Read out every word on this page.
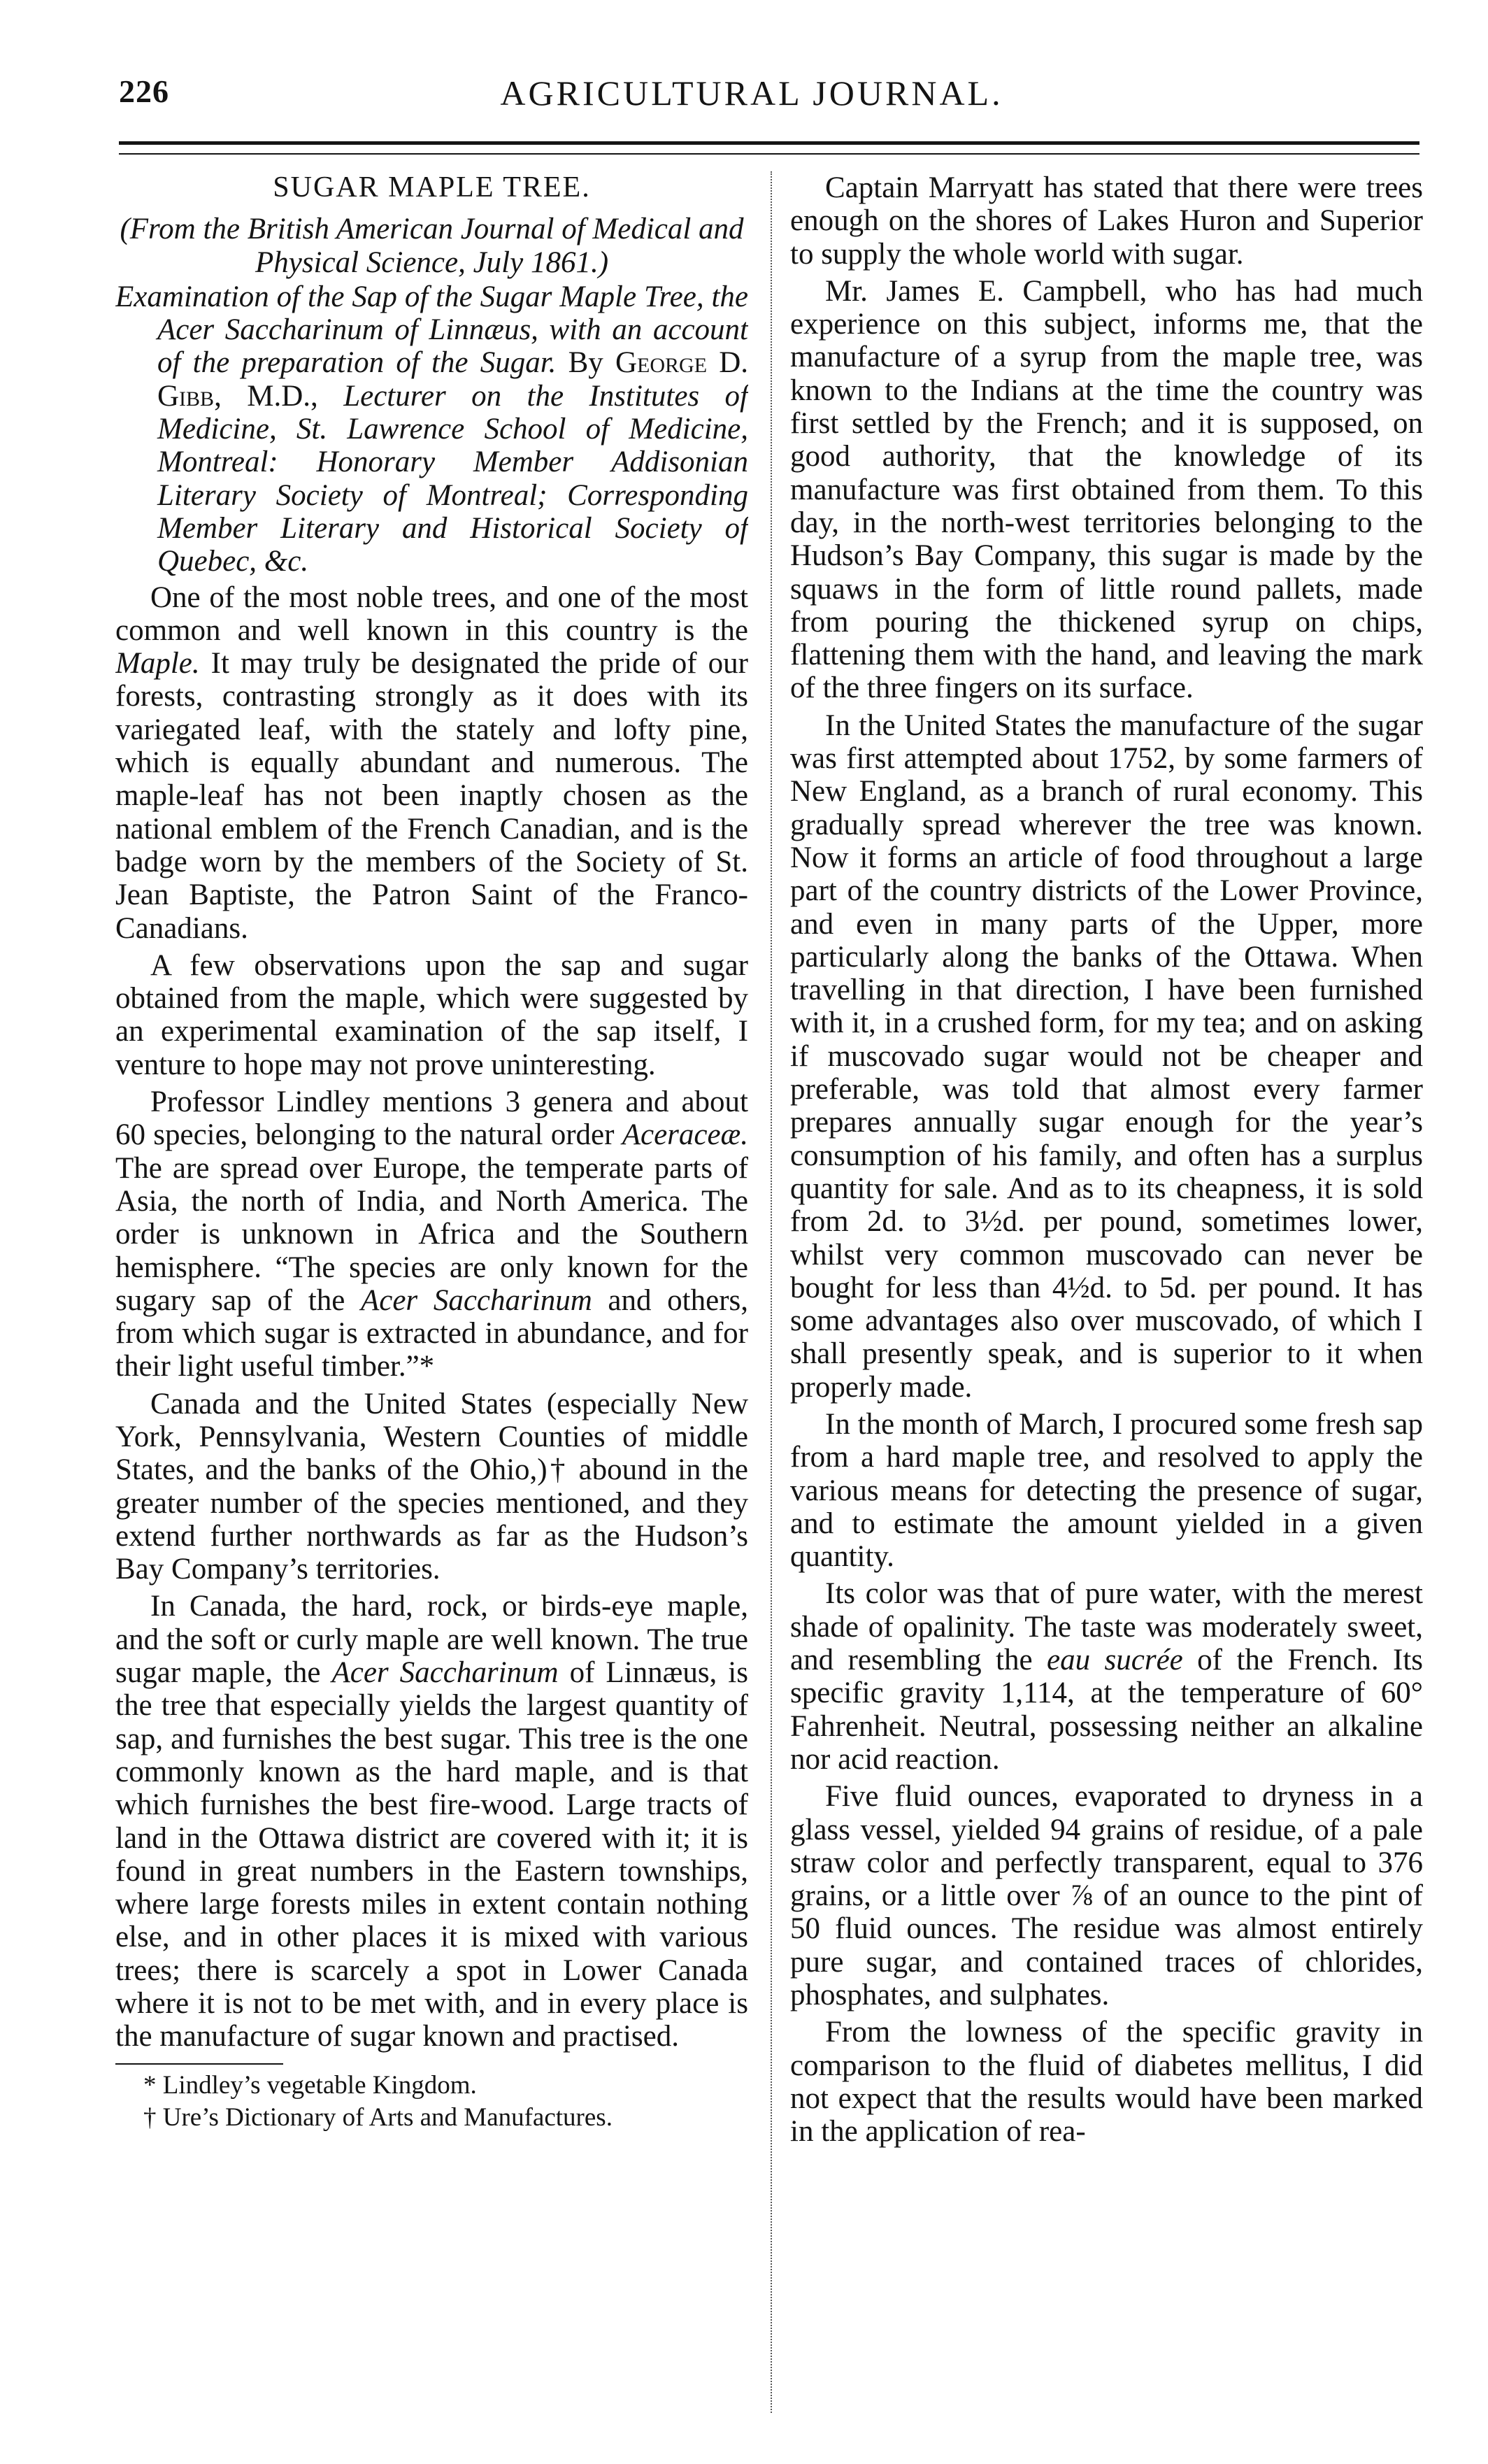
226	AGRICULTURAL JOURNAL.
SUGAR MAPLE TREE.

(From the British American Journal of Medical and Physical Science, July 1861.)

Examination of the Sap of the Sugar Maple Tree, the Acer Saccharinum of Linnæus, with an account of the preparation of the Sugar. By George D. Gibb, M.D., Lecturer on the Institutes of Medicine, St. Lawrence School of Medicine, Montreal: Honorary Member Addisonian Literary Society of Montreal; Corresponding Member Literary and Historical Society of Quebec, &c.

One of the most noble trees, and one of the most common and well known in this country is the Maple. It may truly be designated the pride of our forests, contrasting strongly as it does with its variegated leaf, with the stately and lofty pine, which is equally abundant and numerous. The maple-leaf has not been inaptly chosen as the national emblem of the French Canadian, and is the badge worn by the members of the Society of St. Jean Baptiste, the Patron Saint of the Franco-Canadians.

A few observations upon the sap and sugar obtained from the maple, which were suggested by an experimental examination of the sap itself, I venture to hope may not prove uninteresting.

Professor Lindley mentions 3 genera and about 60 species, belonging to the natural order Aceraceæ. The are spread over Europe, the temperate parts of Asia, the north of India, and North America. The order is unknown in Africa and the Southern hemisphere. “The species are only known for the sugary sap of the Acer Saccharinum and others, from which sugar is extracted in abundance, and for their light useful timber.”*

Canada and the United States (especially New York, Pennsylvania, Western Counties of middle States, and the banks of the Ohio,)† abound in the greater number of the species mentioned, and they extend further northwards as far as the Hudson’s Bay Company’s territories.

In Canada, the hard, rock, or birds-eye maple, and the soft or curly maple are well known. The true sugar maple, the Acer Saccharinum of Linnæus, is the tree that especially yields the largest quantity of sap, and furnishes the best sugar. This tree is the one commonly known as the hard maple, and is that which furnishes the best fire-wood. Large tracts of land in the Ottawa district are covered with it; it is found in great numbers in the Eastern townships, where large forests miles in extent contain nothing else, and in other places it is mixed with various trees; there is scarcely a spot in Lower Canada where it is not to be met with, and in every place is the manufacture of sugar known and practised.

* Lindley’s vegetable Kingdom.
† Ure’s Dictionary of Arts and Manufactures.

Captain Marryatt has stated that there were trees enough on the shores of Lakes Huron and Superior to supply the whole world with sugar.

Mr. James E. Campbell, who has had much experience on this subject, informs me, that the manufacture of a syrup from the maple tree, was known to the Indians at the time the country was first settled by the French; and it is supposed, on good authority, that the knowledge of its manufacture was first obtained from them. To this day, in the north-west territories belonging to the Hudson’s Bay Company, this sugar is made by the squaws in the form of little round pallets, made from pouring the thickened syrup on chips, flattening them with the hand, and leaving the mark of the three fingers on its surface.

In the United States the manufacture of the sugar was first attempted about 1752, by some farmers of New England, as a branch of rural economy. This gradually spread wherever the tree was known. Now it forms an article of food throughout a large part of the country districts of the Lower Province, and even in many parts of the Upper, more particularly along the banks of the Ottawa. When travelling in that direction, I have been furnished with it, in a crushed form, for my tea; and on asking if muscovado sugar would not be cheaper and preferable, was told that almost every farmer prepares annually sugar enough for the year’s consumption of his family, and often has a surplus quantity for sale. And as to its cheapness, it is sold from 2d. to 3½d. per pound, sometimes lower, whilst very common muscovado can never be bought for less than 4½d. to 5d. per pound. It has some advantages also over muscovado, of which I shall presently speak, and is superior to it when properly made.

In the month of March, I procured some fresh sap from a hard maple tree, and resolved to apply the various means for detecting the presence of sugar, and to estimate the amount yielded in a given quantity.

Its color was that of pure water, with the merest shade of opalinity. The taste was moderately sweet, and resembling the eau sucrée of the French. Its specific gravity 1,114, at the temperature of 60° Fahrenheit. Neutral, possessing neither an alkaline nor acid reaction.

Five fluid ounces, evaporated to dryness in a glass vessel, yielded 94 grains of residue, of a pale straw color and perfectly transparent, equal to 376 grains, or a little over ⅞ of an ounce to the pint of 50 fluid ounces. The residue was almost entirely pure sugar, and contained traces of chlorides, phosphates, and sulphates.

From the lowness of the specific gravity in comparison to the fluid of diabetes mellitus, I did not expect that the results would have been marked in the application of rea-
